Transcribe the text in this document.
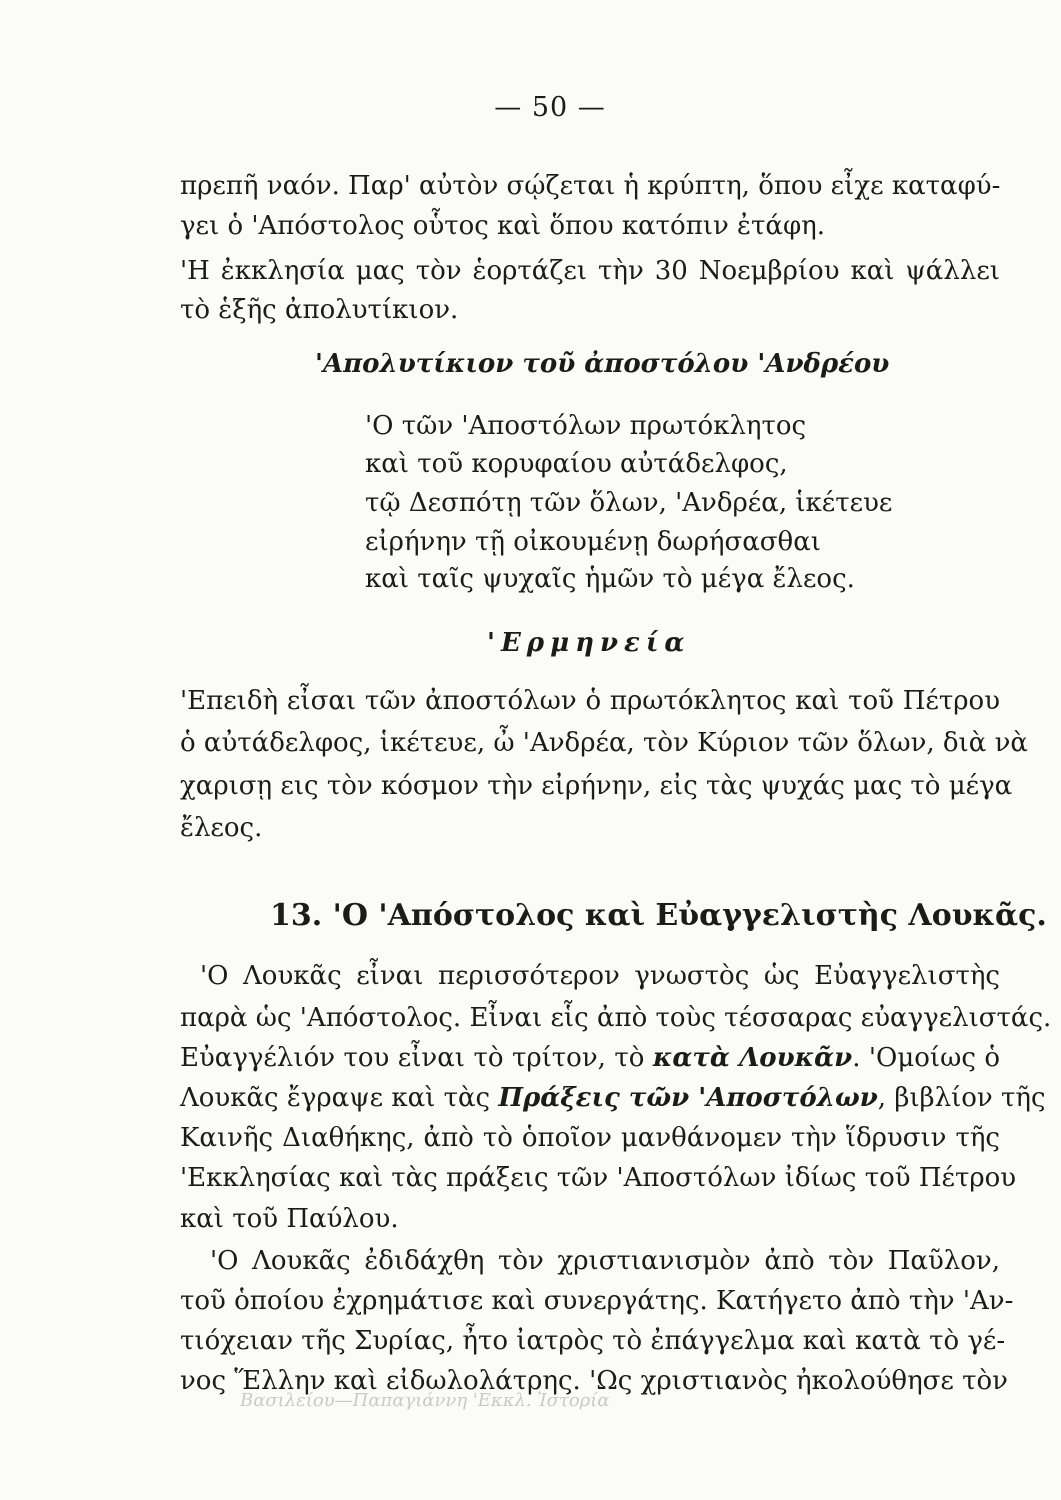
— 50 —
πρεπῆ ναόν. Παρ' αὐτὸν σῴζεται ἡ κρύπτη, ὅπου εἶχε καταφύ-
γει ὁ 'Απόστολος οὗτος καὶ ὅπου κατόπιν ἐτάφη.
'Η ἐκκλησία μας τὸν ἑορτάζει τὴν 30 Νοεμβρίου καὶ ψάλλει
τὸ ἑξῆς ἀπολυτίκιον.
'Απολυτίκιον τοῦ ἀποστόλου 'Ανδρέου
'Ο τῶν 'Αποστόλων πρωτόκλητος
καὶ τοῦ κορυφαίου αὐτάδελφος,
τῷ Δεσπότῃ τῶν ὅλων, 'Ανδρέα, ἱκέτευε
εἰρήνην τῇ οἰκουμένῃ δωρήσασθαι
καὶ ταῖς ψυχαῖς ἡμῶν τὸ μέγα ἔλεος.
'Ερμηνεία
'Επειδὴ εἶσαι τῶν ἀποστόλων ὁ πρωτόκλητος καὶ τοῦ Πέτρου
ὁ αὐτάδελφος, ἱκέτευε, ὦ 'Ανδρέα, τὸν Κύριον τῶν ὅλων, διὰ νὰ
χαρισῃ εις τὸν κόσμον τὴν εἰρήνην, εἰς τὰς ψυχάς μας τὸ μέγα
ἔλεος.
13. 'Ο 'Απόστολος καὶ Εὐαγγελιστὴς Λουκᾶς.
'Ο Λουκᾶς εἶναι περισσότερον γνωστὸς ὡς Εὐαγγελιστὴς
παρὰ ὡς 'Απόστολος. Εἶναι εἷς ἀπὸ τοὺς τέσσαρας εὐαγγελιστάς.
Εὐαγγέλιόν του εἶναι τὸ τρίτον, τὸ κατὰ Λουκᾶν. 'Ομοίως ὁ
Λουκᾶς ἔγραψε καὶ τὰς Πράξεις τῶν 'Αποστόλων, βιβλίον τῆς
Καινῆς Διαθήκης, ἀπὸ τὸ ὁποῖον μανθάνομεν τὴν ἵδρυσιν τῆς
'Εκκλησίας καὶ τὰς πράξεις τῶν 'Αποστόλων ἰδίως τοῦ Πέτρου
καὶ τοῦ Παύλου.
'Ο Λουκᾶς ἐδιδάχθη τὸν χριστιανισμὸν ἀπὸ τὸν Παῦλον,
τοῦ ὁποίου ἐχρημάτισε καὶ συνεργάτης. Κατήγετο ἀπὸ τὴν 'Αν-
τιόχειαν τῆς Συρίας, ἦτο ἰατρὸς τὸ ἐπάγγελμα καὶ κατὰ τὸ γέ-
νος Ἕλλην καὶ εἰδωλολάτρης. 'Ως χριστιανὸς ἠκολούθησε τὸν
Βασιλείου—Παπαγιάννη 'Εκκλ. Ἱστορία
